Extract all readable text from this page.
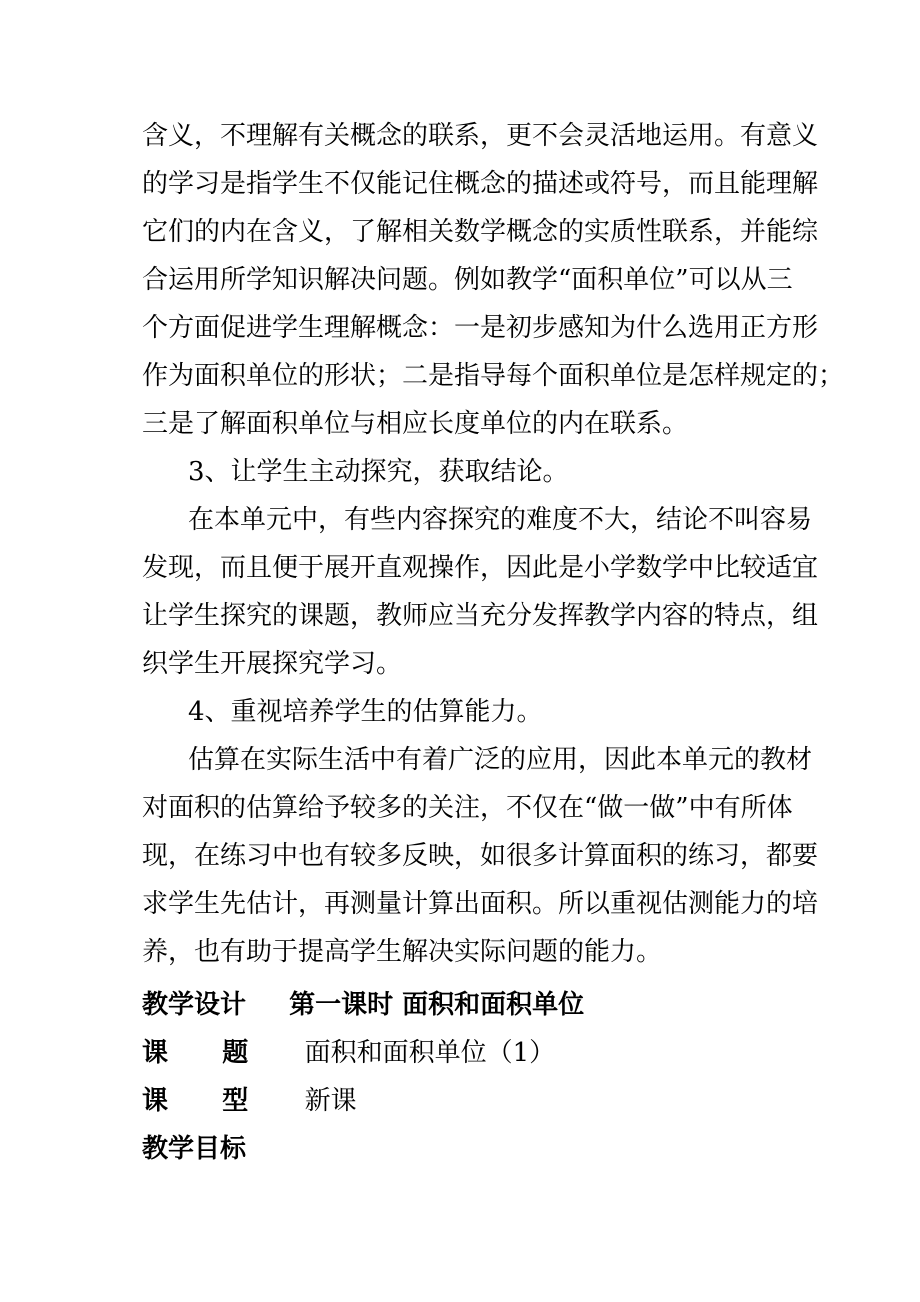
含义，不理解有关概念的联系，更不会灵活地运用。有意义
的学习是指学生不仅能记住概念的描述或符号，而且能理解
它们的内在含义，了解相关数学概念的实质性联系，并能综
合运用所学知识解决问题。例如教学“面积单位”可以从三
个方面促进学生理解概念：一是初步感知为什么选用正方形
作为面积单位的形状；二是指导每个面积单位是怎样规定的；
三是了解面积单位与相应长度单位的内在联系。
3、让学生主动探究，获取结论。
在本单元中，有些内容探究的难度不大，结论不叫容易
发现，而且便于展开直观操作，因此是小学数学中比较适宜
让学生探究的课题，教师应当充分发挥教学内容的特点，组
织学生开展探究学习。
4、重视培养学生的估算能力。
估算在实际生活中有着广泛的应用，因此本单元的教材
对面积的估算给予较多的关注，不仅在“做一做”中有所体
现，在练习中也有较多反映，如很多计算面积的练习，都要
求学生先估计，再测量计算出面积。所以重视估测能力的培
养，也有助于提高学生解决实际问题的能力。
教学设计 第一课时 面积和面积单位
课 题 面积和面积单位（1）
课 型 新课
教学目标
